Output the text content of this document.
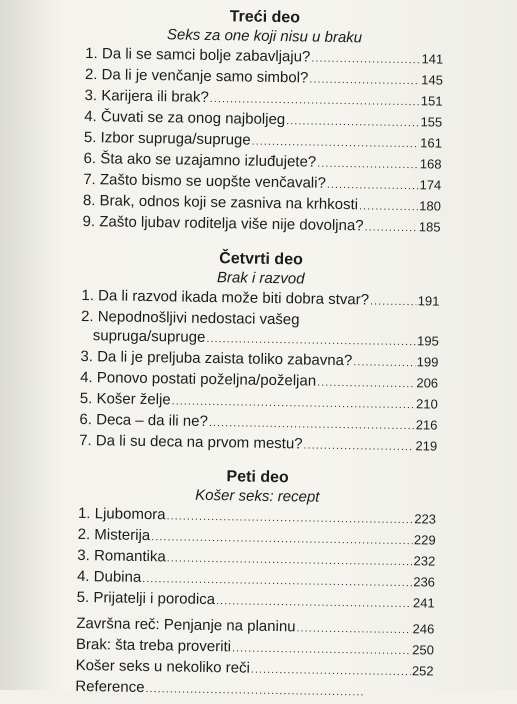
Treći deo
Seks za one koji nisu u braku
1. Da li se samci bolje zabavljaju? .....	141
2. Da li je venčanje samo simbol? .....	145
3. Karijera ili brak? .....	151
4. Čuvati se za onog najboljeg .....	155
5. Izbor supruga/supruge .....	161
6. Šta ako se uzajamno izluđujete? .....	168
7. Zašto bismo se uopšte venčavali? .....	174
8. Brak, odnos koji se zasniva na krhkosti .....	180
9. Zašto ljubav roditelja više nije dovoljna? .....	185
Četvrti deo
Brak i razvod
1. Da li razvod ikada može biti dobra stvar? .....	191
2. Nepodnošljivi nedostaci vašeg
supruga/supruge .....	195
3. Da li je preljuba zaista toliko zabavna? .....	199
4. Ponovo postati poželjna/poželjan .....	206
5. Košer želje .....	210
6. Deca – da ili ne? .....	216
7. Da li su deca na prvom mestu? .....	219
Peti deo
Košer seks: recept
1. Ljubomora .....	223
2. Misterija .....	229
3. Romantika .....	232
4. Dubina .....	236
5. Prijatelji i porodica .....	241
Završna reč: Penjanje na planinu .....	246
Brak: šta treba proveriti .....	250
Košer seks u nekoliko reči .....	252
Reference
.....
